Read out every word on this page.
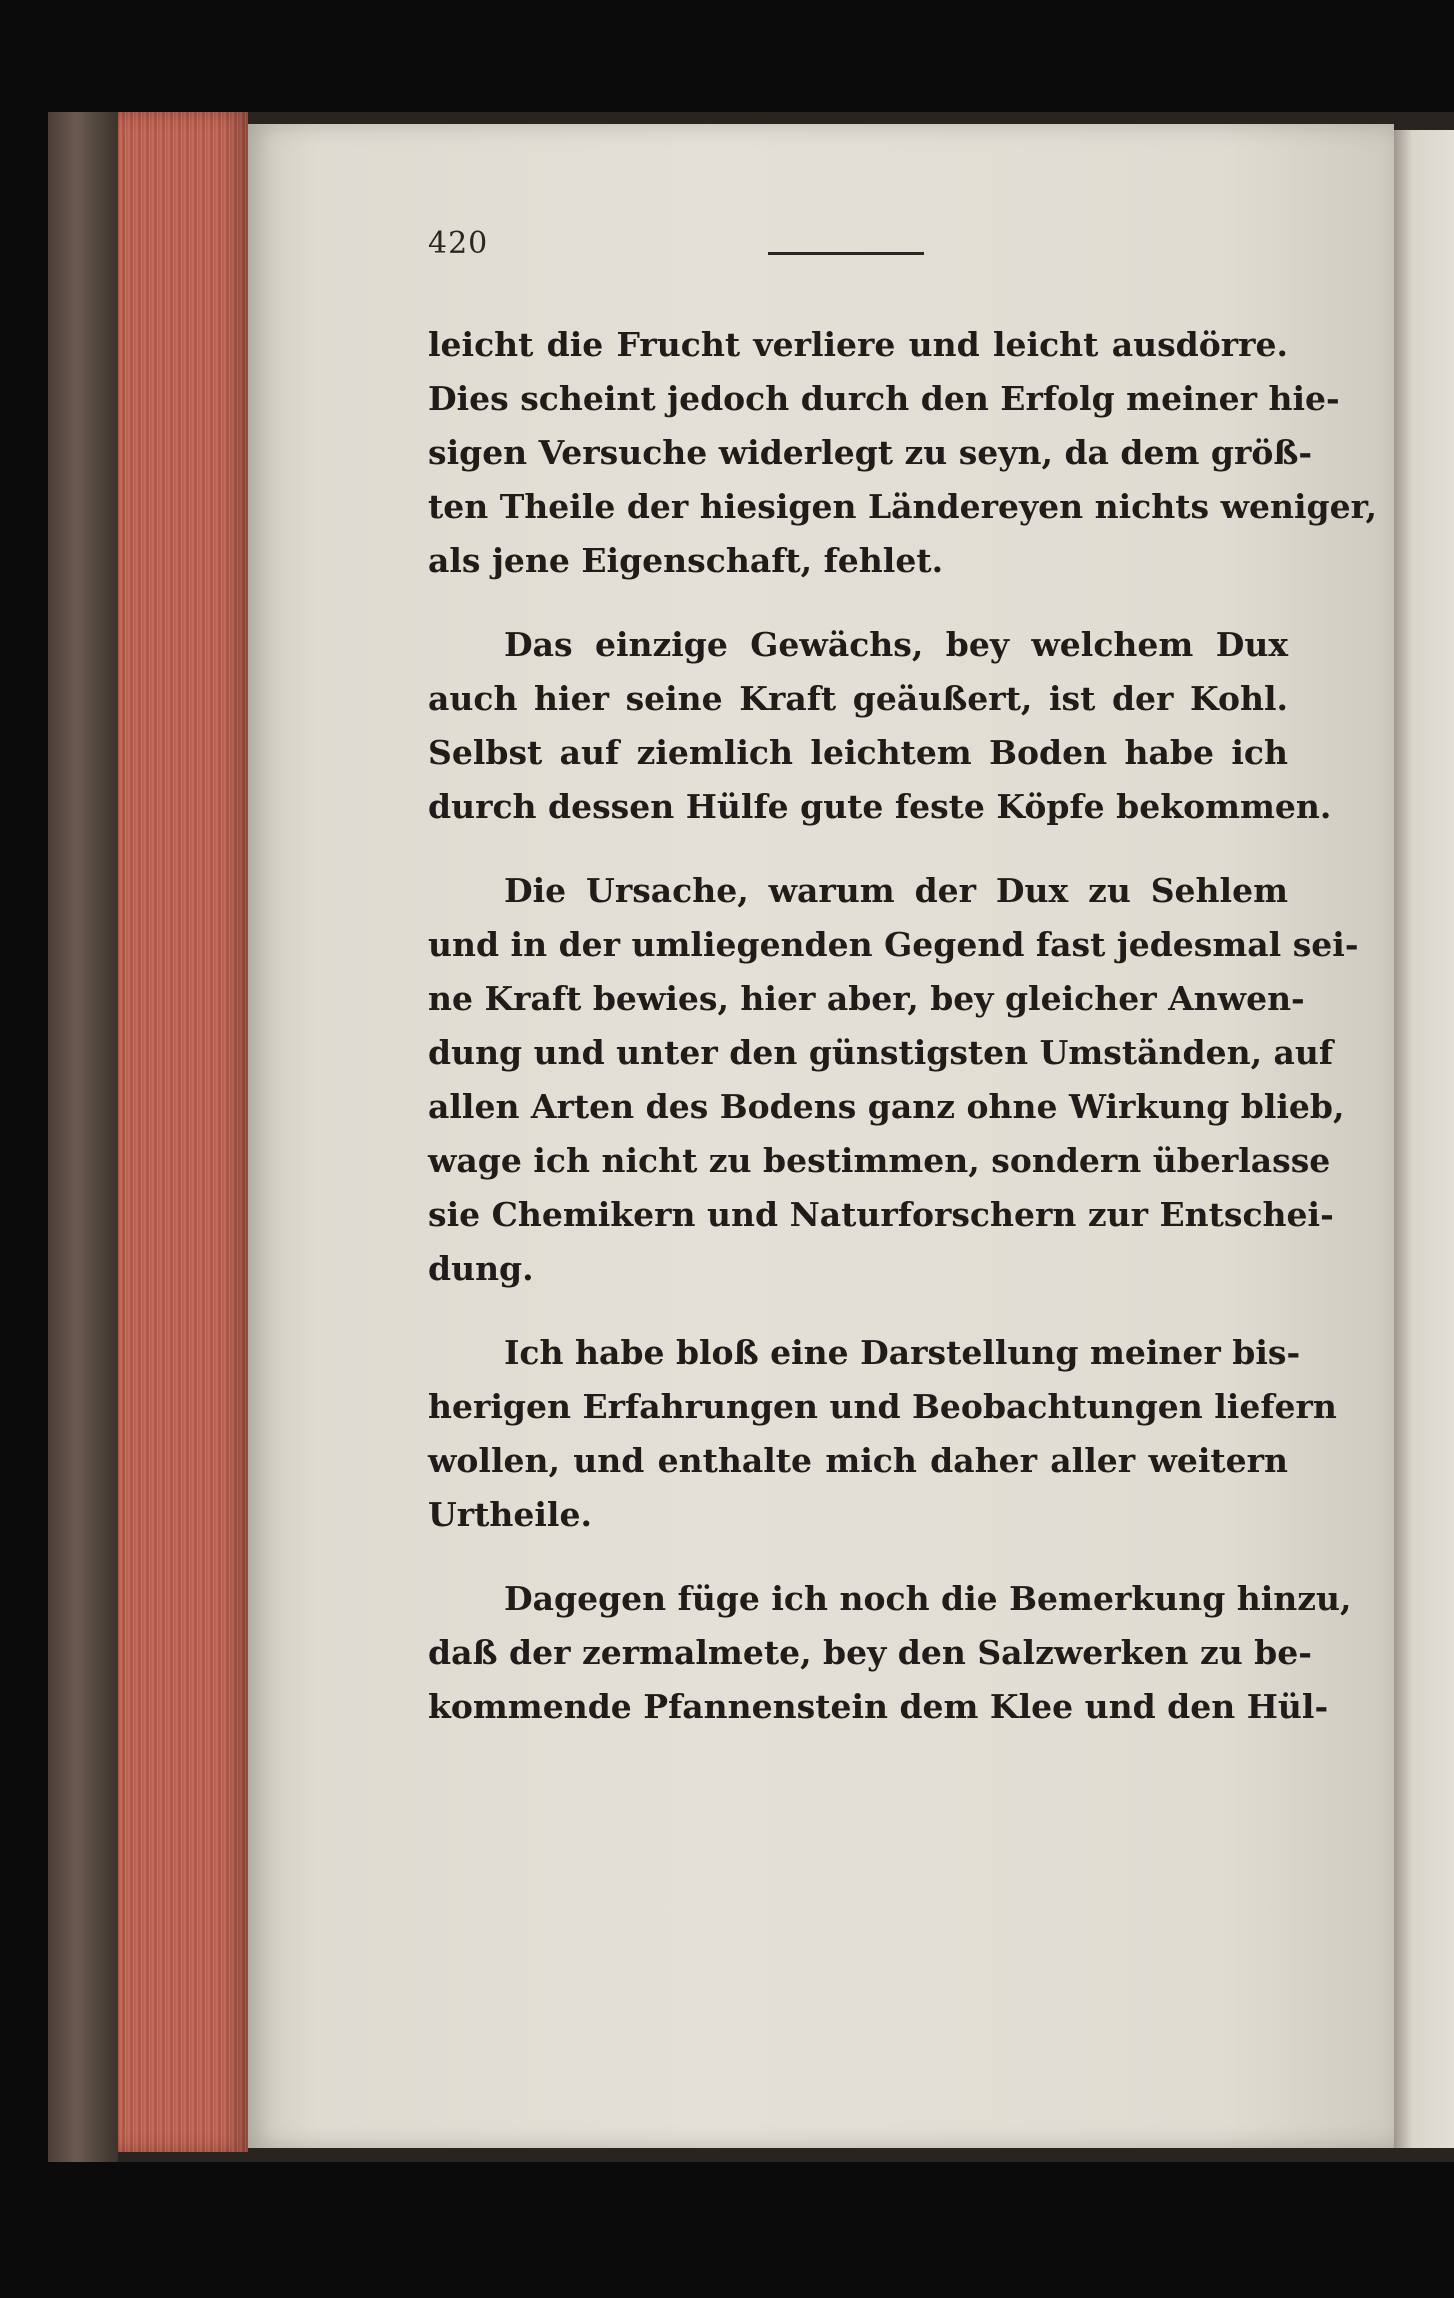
420
leicht die Frucht verliere und leicht ausdörre.
Dies scheint jedoch durch den Erfolg meiner hie-
sigen Versuche widerlegt zu seyn, da dem größ-
ten Theile der hiesigen Ländereyen nichts weniger,
als jene Eigenschaft, fehlet.
Das einzige Gewächs, bey welchem Dux
auch hier seine Kraft geäußert, ist der Kohl.
Selbst auf ziemlich leichtem Boden habe ich
durch dessen Hülfe gute feste Köpfe bekommen.
Die Ursache, warum der Dux zu Sehlem
und in der umliegenden Gegend fast jedesmal sei-
ne Kraft bewies, hier aber, bey gleicher Anwen-
dung und unter den günstigsten Umständen, auf
allen Arten des Bodens ganz ohne Wirkung blieb,
wage ich nicht zu bestimmen, sondern überlasse
sie Chemikern und Naturforschern zur Entschei-
dung.
Ich habe bloß eine Darstellung meiner bis-
herigen Erfahrungen und Beobachtungen liefern
wollen, und enthalte mich daher aller weitern
Urtheile.
Dagegen füge ich noch die Bemerkung hinzu,
daß der zermalmete, bey den Salzwerken zu be-
kommende Pfannenstein dem Klee und den Hül-
